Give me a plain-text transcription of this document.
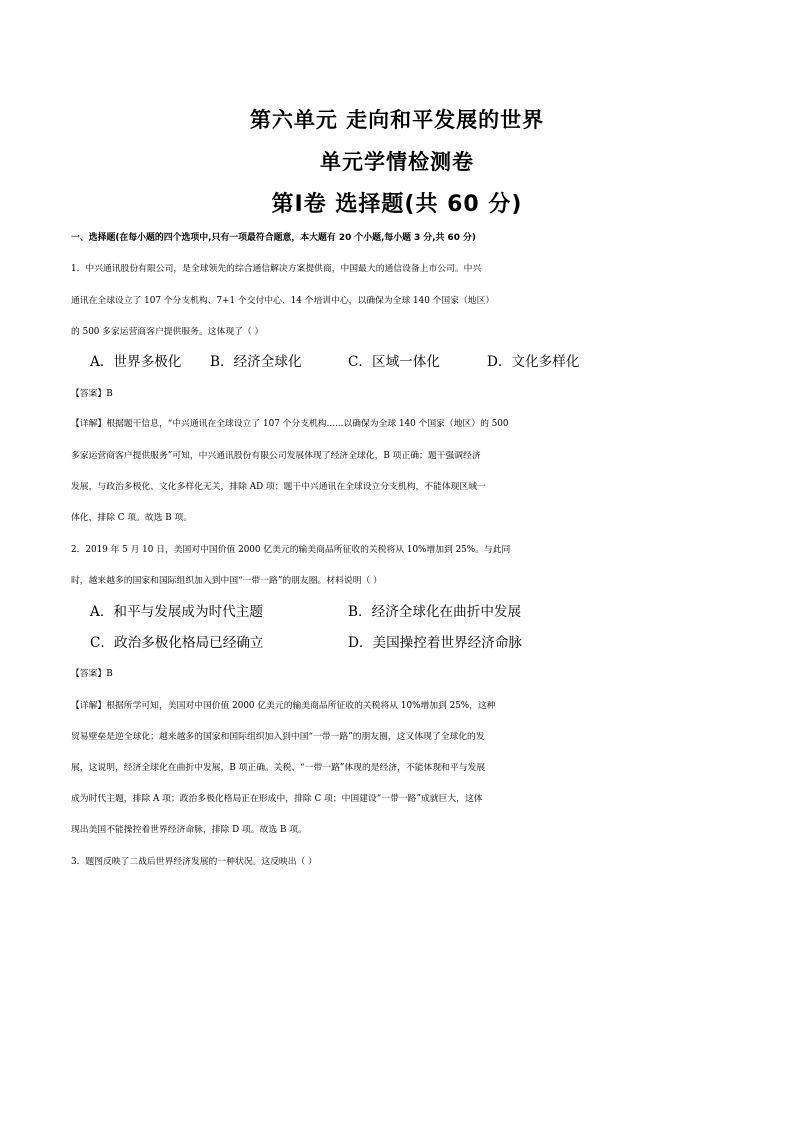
第六单元 走向和平发展的世界
单元学情检测卷
第Ⅰ卷 选择题(共 60 分)
一、选择题(在每小题的四个选项中,只有一项最符合题意，本大题有 20 个小题,每小题 3 分,共 60 分)
1．中兴通讯股份有限公司，是全球领先的综合通信解决方案提供商，中国最大的通信设备上市公司。中兴
通讯在全球设立了 107 个分支机构、7+1 个交付中心、14 个培训中心，以确保为全球 140 个国家（地区）
的 500 多家运营商客户提供服务。这体现了（ ）
A．世界多极化 B．经济全球化	C．区域一体化	D．文化多样化
【答案】B
【详解】根据题干信息，“中兴通讯在全球设立了 107 个分支机构......以确保为全球 140 个国家（地区）的 500
多家运营商客户提供服务”可知，中兴通讯股份有限公司发展体现了经济全球化，B 项正确；题干强调经济
发展，与政治多极化、文化多样化无关，排除 AD 项；题干中兴通讯在全球设立分支机构，不能体现区域一
体化，排除 C 项。故选 B 项。
2．2019 年 5 月 10 日，美国对中国价值 2000 亿美元的输美商品所征收的关税将从 10%增加到 25%。与此同
时，越来越多的国家和国际组织加入到中国“一带一路”的朋友圈。材料说明（ ）
A．和平与发展成为时代主题	B．经济全球化在曲折中发展
C．政治多极化格局已经确立	D．美国操控着世界经济命脉
【答案】B
【详解】根据所学可知，美国对中国价值 2000 亿美元的输美商品所征收的关税将从 10%增加到 25%，这种
贸易壁垒是逆全球化；越来越多的国家和国际组织加入到中国“一带一路”的朋友圈，这又体现了全球化的发
展，这说明，经济全球化在曲折中发展，B 项正确。关税、“一带一路”体现的是经济，不能体现和平与发展
成为时代主题，排除 A 项；政治多极化格局正在形成中，排除 C 项；中国建设“一带一路”成就巨大，这体
现出美国不能操控着世界经济命脉，排除 D 项。故选 B 项。
3．题图反映了二战后世界经济发展的一种状况。这反映出（ ）
